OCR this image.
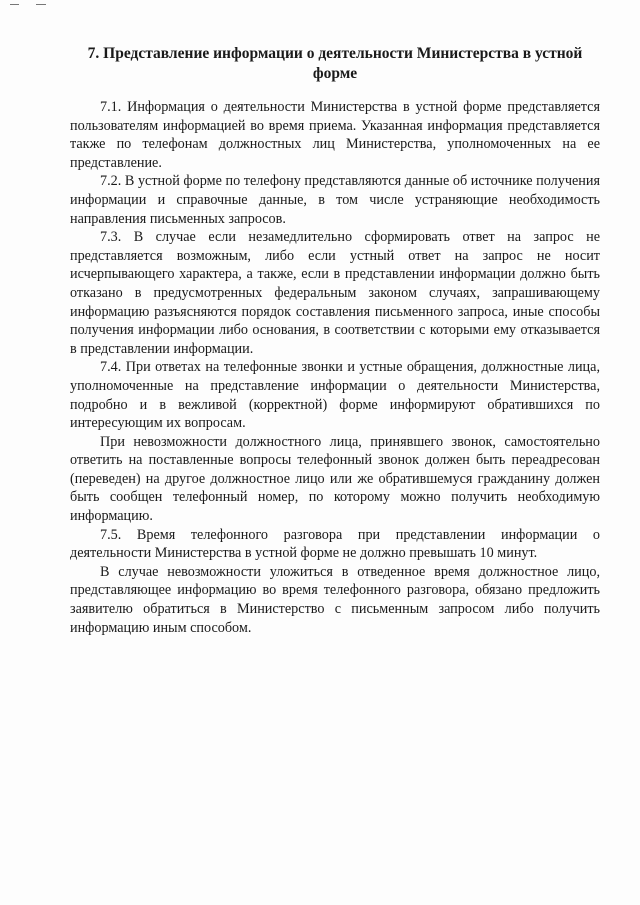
7. Представление информации о деятельности Министерства в устной форме

7.1. Информация о деятельности Министерства в устной форме представляется пользователям информацией во время приема. Указанная информация представляется также по телефонам должностных лиц Министерства, уполномоченных на ее представление.

7.2. В устной форме по телефону представляются данные об источнике получения информации и справочные данные, в том числе устраняющие необходимость направления письменных запросов.

7.3. В случае если незамедлительно сформировать ответ на запрос не представляется возможным, либо если устный ответ на запрос не носит исчерпывающего характера, а также, если в представлении информации должно быть отказано в предусмотренных федеральным законом случаях, запрашивающему информацию разъясняются порядок составления письменного запроса, иные способы получения информации либо основания, в соответствии с которыми ему отказывается в представлении информации.

7.4. При ответах на телефонные звонки и устные обращения, должностные лица, уполномоченные на представление информации о деятельности Министерства, подробно и в вежливой (корректной) форме информируют обратившихся по интересующим их вопросам.

При невозможности должностного лица, принявшего звонок, самостоятельно ответить на поставленные вопросы телефонный звонок должен быть переадресован (переведен) на другое должностное лицо или же обратившемуся гражданину должен быть сообщен телефонный номер, по которому можно получить необходимую информацию.

7.5. Время телефонного разговора при представлении информации о деятельности Министерства в устной форме не должно превышать 10 минут.

В случае невозможности уложиться в отведенное время должностное лицо, представляющее информацию во время телефонного разговора, обязано предложить заявителю обратиться в Министерство с письменным запросом либо получить информацию иным способом.
